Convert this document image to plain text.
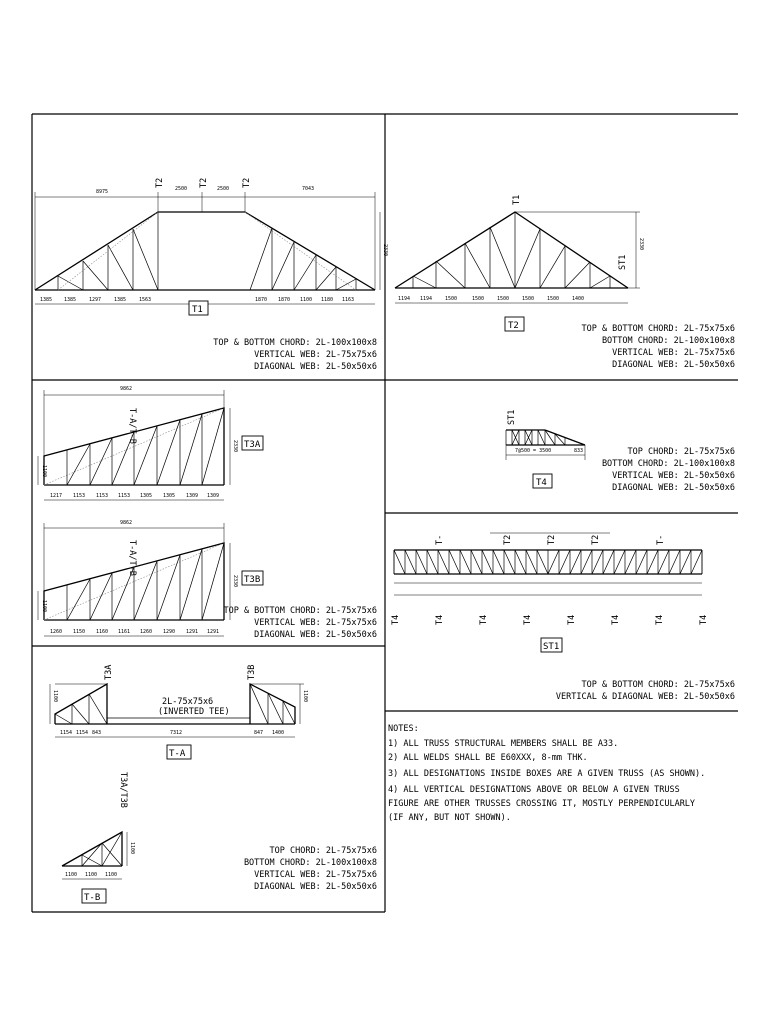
8975	2500	2500	7043
2330
1385 1385	1297	1385	1563	1870 1870 1100 1180 1163
T2	T2	T2
T1
TOP & BOTTOM CHORD: 2L-100x100x8
VERTICAL WEB: 2L-75x75x6
DIAGONAL WEB: 2L-50x50x6
2330
1194 1194	1500	1500	1500	1500	1500	1400
T1
ST1
T2	TOP & BOTTOM CHORD: 2L-75x75x6
BOTTOM CHORD: 2L-100x100x8
VERTICAL WEB: 2L-75x75x6
DIAGONAL WEB: 2L-50x50x6
9862
2330
1100
1217 1153 1153 1153 1305 1305 1309 1309
T-A/T-B
T3A
9862
2330
1100
1260 1150 1160 1161 1260 1290 1291 1291
T-A/T-B
T3B
TOP & BOTTOM CHORD: 2L-75x75x6
VERTICAL WEB: 2L-75x75x6
DIAGONAL WEB: 2L-50x50x6
7@500 = 3500	833
ST1
T4
TOP CHORD: 2L-75x75x6
BOTTOM CHORD: 2L-100x100x8
VERTICAL WEB: 2L-50x50x6
DIAGONAL WEB: 2L-50x50x6
T-	T2	T2	T2	T-
T4	T4	T4	T4	T4	T4	T4	T4
ST1
TOP & BOTTOM CHORD: 2L-75x75x6
VERTICAL & DIAGONAL WEB: 2L-50x50x6
1100	1100
1154 1154 843	7312	847 1400
2L-75x75x6
(INVERTED TEE)
T3A	T3B
T-A
1100 1100 1100
1100
T3A/T3B
T-B
TOP CHORD: 2L-75x75x6
BOTTOM CHORD: 2L-100x100x8
VERTICAL WEB: 2L-75x75x6
DIAGONAL WEB: 2L-50x50x6
NOTES:
1) ALL TRUSS STRUCTURAL MEMBERS SHALL BE A33.
2) ALL WELDS SHALL BE E60XXX, 8-mm THK.
3) ALL DESIGNATIONS INSIDE BOXES ARE A GIVEN TRUSS (AS SHOWN).
4) ALL VERTICAL DESIGNATIONS ABOVE OR BELOW A GIVEN TRUSS
FIGURE ARE OTHER TRUSSES CROSSING IT, MOSTLY PERPENDICULARLY
(IF ANY, BUT NOT SHOWN).
